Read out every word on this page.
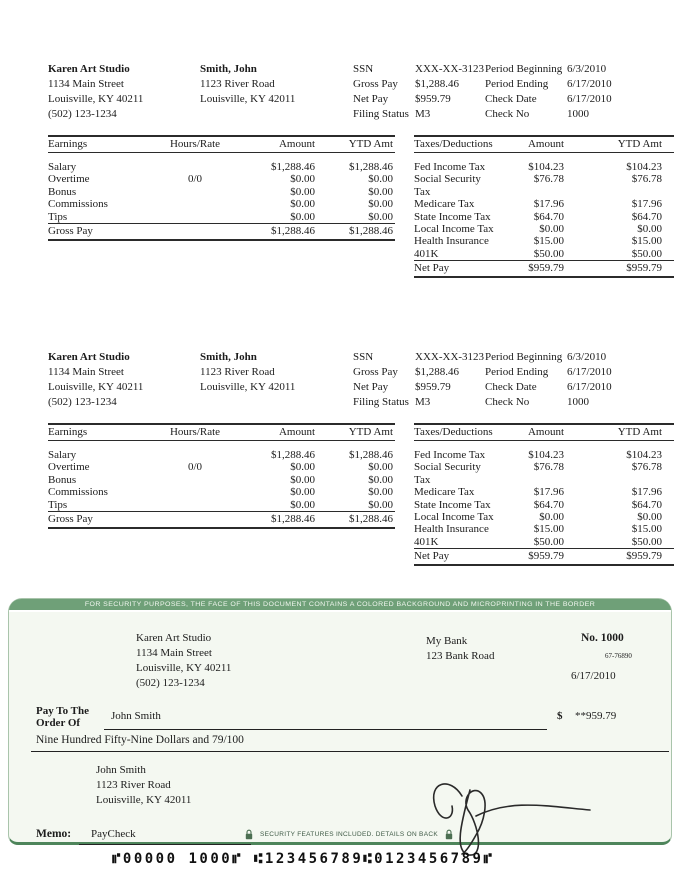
Karen Art Studio
1134 Main Street
Louisville, KY 40211
(502) 123-1234
Smith, John
1123 River Road
Louisville, KY 42011
SSN	XXX-XX-3123
Gross Pay	$1,288.46
Net Pay	$959.79
Filing Status M3
Period Beginning 6/3/2010
Period Ending	6/17/2010
Check Date	6/17/2010
Check No	1000
Earnings	Hours/Rate	Amount	YTD Amt
Salary	$1,288.46	$1,288.46
Overtime	0/0	$0.00	$0.00
Bonus	$0.00	$0.00
Commissions	$0.00	$0.00
Tips	$0.00	$0.00
Gross Pay	$1,288.46	$1,288.46
Taxes/Deductions	Amount	YTD Amt
Fed Income Tax	$104.23	$104.23
Social Security Tax
$76.78	$76.78
Medicare Tax	$17.96	$17.96
State Income Tax	$64.70	$64.70
Local Income Tax	$0.00	$0.00
Health Insurance	$15.00	$15.00
401K	$50.00	$50.00
Net Pay	$959.79	$959.79
Karen Art Studio
1134 Main Street
Louisville, KY 40211
(502) 123-1234
Smith, John
1123 River Road
Louisville, KY 42011
SSN	XXX-XX-3123
Gross Pay	$1,288.46
Net Pay	$959.79
Filing Status M3
Period Beginning 6/3/2010
Period Ending	6/17/2010
Check Date	6/17/2010
Check No	1000
Earnings	Hours/Rate	Amount	YTD Amt
Salary	$1,288.46	$1,288.46
Overtime	0/0	$0.00	$0.00
Bonus	$0.00	$0.00
Commissions	$0.00	$0.00
Tips	$0.00	$0.00
Gross Pay	$1,288.46	$1,288.46
Taxes/Deductions	Amount	YTD Amt
Fed Income Tax	$104.23	$104.23
Social Security Tax
$76.78	$76.78
Medicare Tax	$17.96	$17.96
State Income Tax	$64.70	$64.70
Local Income Tax	$0.00	$0.00
Health Insurance	$15.00	$15.00
401K	$50.00	$50.00
Net Pay	$959.79	$959.79
FOR SECURITY PURPOSES, THE FACE OF THIS DOCUMENT CONTAINS A COLORED BACKGROUND AND MICROPRINTING IN THE BORDER
Karen Art Studio
1134 Main Street
Louisville, KY 40211
(502) 123-1234
My Bank
123 Bank Road
No. 1000
67-76890
6/17/2010
Pay To The
Order Of
John Smith	$ **959.79
Nine Hundred Fifty-Nine Dollars and 79/100
John Smith
1123 River Road
Louisville, KY 42011
Memo: PayCheck	SECURITY FEATURES INCLUDED. DETAILS ON BACK
⑈00000 1000⑈ ⑆123456789⑆0123456789⑈
